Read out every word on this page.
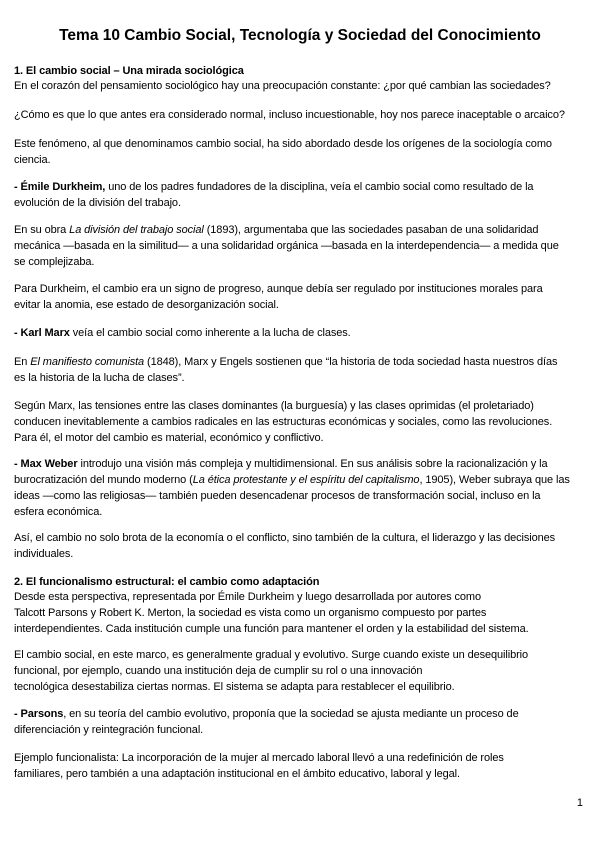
Tema 10 Cambio Social, Tecnología y Sociedad del Conocimiento
1. El cambio social – Una mirada sociológica
En el corazón del pensamiento sociológico hay una preocupación constante: ¿por qué cambian las sociedades?
¿Cómo es que lo que antes era considerado normal, incluso incuestionable, hoy nos parece inaceptable o arcaico?
Este fenómeno, al que denominamos cambio social, ha sido abordado desde los orígenes de la sociología como
ciencia.
- Émile Durkheim, uno de los padres fundadores de la disciplina, veía el cambio social como resultado de la
evolución de la división del trabajo.
En su obra La división del trabajo social (1893), argumentaba que las sociedades pasaban de una solidaridad
mecánica —basada en la similitud— a una solidaridad orgánica —basada en la interdependencia— a medida que
se complejizaba.
Para Durkheim, el cambio era un signo de progreso, aunque debía ser regulado por instituciones morales para
evitar la anomia, ese estado de desorganización social.
- Karl Marx veía el cambio social como inherente a la lucha de clases.
En El manifiesto comunista (1848), Marx y Engels sostienen que “la historia de toda sociedad hasta nuestros días
es la historia de la lucha de clases”.
Según Marx, las tensiones entre las clases dominantes (la burguesía) y las clases oprimidas (el proletariado)
conducen inevitablemente a cambios radicales en las estructuras económicas y sociales, como las revoluciones.
Para él, el motor del cambio es material, económico y conflictivo.
- Max Weber introdujo una visión más compleja y multidimensional. En sus análisis sobre la racionalización y la
burocratización del mundo moderno (La ética protestante y el espíritu del capitalismo, 1905), Weber subraya que las
ideas —como las religiosas— también pueden desencadenar procesos de transformación social, incluso en la
esfera económica.
Así, el cambio no solo brota de la economía o el conflicto, sino también de la cultura, el liderazgo y las decisiones
individuales.
2. El funcionalismo estructural: el cambio como adaptación
Desde esta perspectiva, representada por Émile Durkheim y luego desarrollada por autores como
Talcott Parsons y Robert K. Merton, la sociedad es vista como un organismo compuesto por partes
interdependientes. Cada institución cumple una función para mantener el orden y la estabilidad del sistema.
El cambio social, en este marco, es generalmente gradual y evolutivo. Surge cuando existe un desequilibrio
funcional, por ejemplo, cuando una institución deja de cumplir su rol o una innovación
tecnológica desestabiliza ciertas normas. El sistema se adapta para restablecer el equilibrio.
- Parsons, en su teoría del cambio evolutivo, proponía que la sociedad se ajusta mediante un proceso de
diferenciación y reintegración funcional.
Ejemplo funcionalista: La incorporación de la mujer al mercado laboral llevó a una redefinición de roles
familiares, pero también a una adaptación institucional en el ámbito educativo, laboral y legal.
1
